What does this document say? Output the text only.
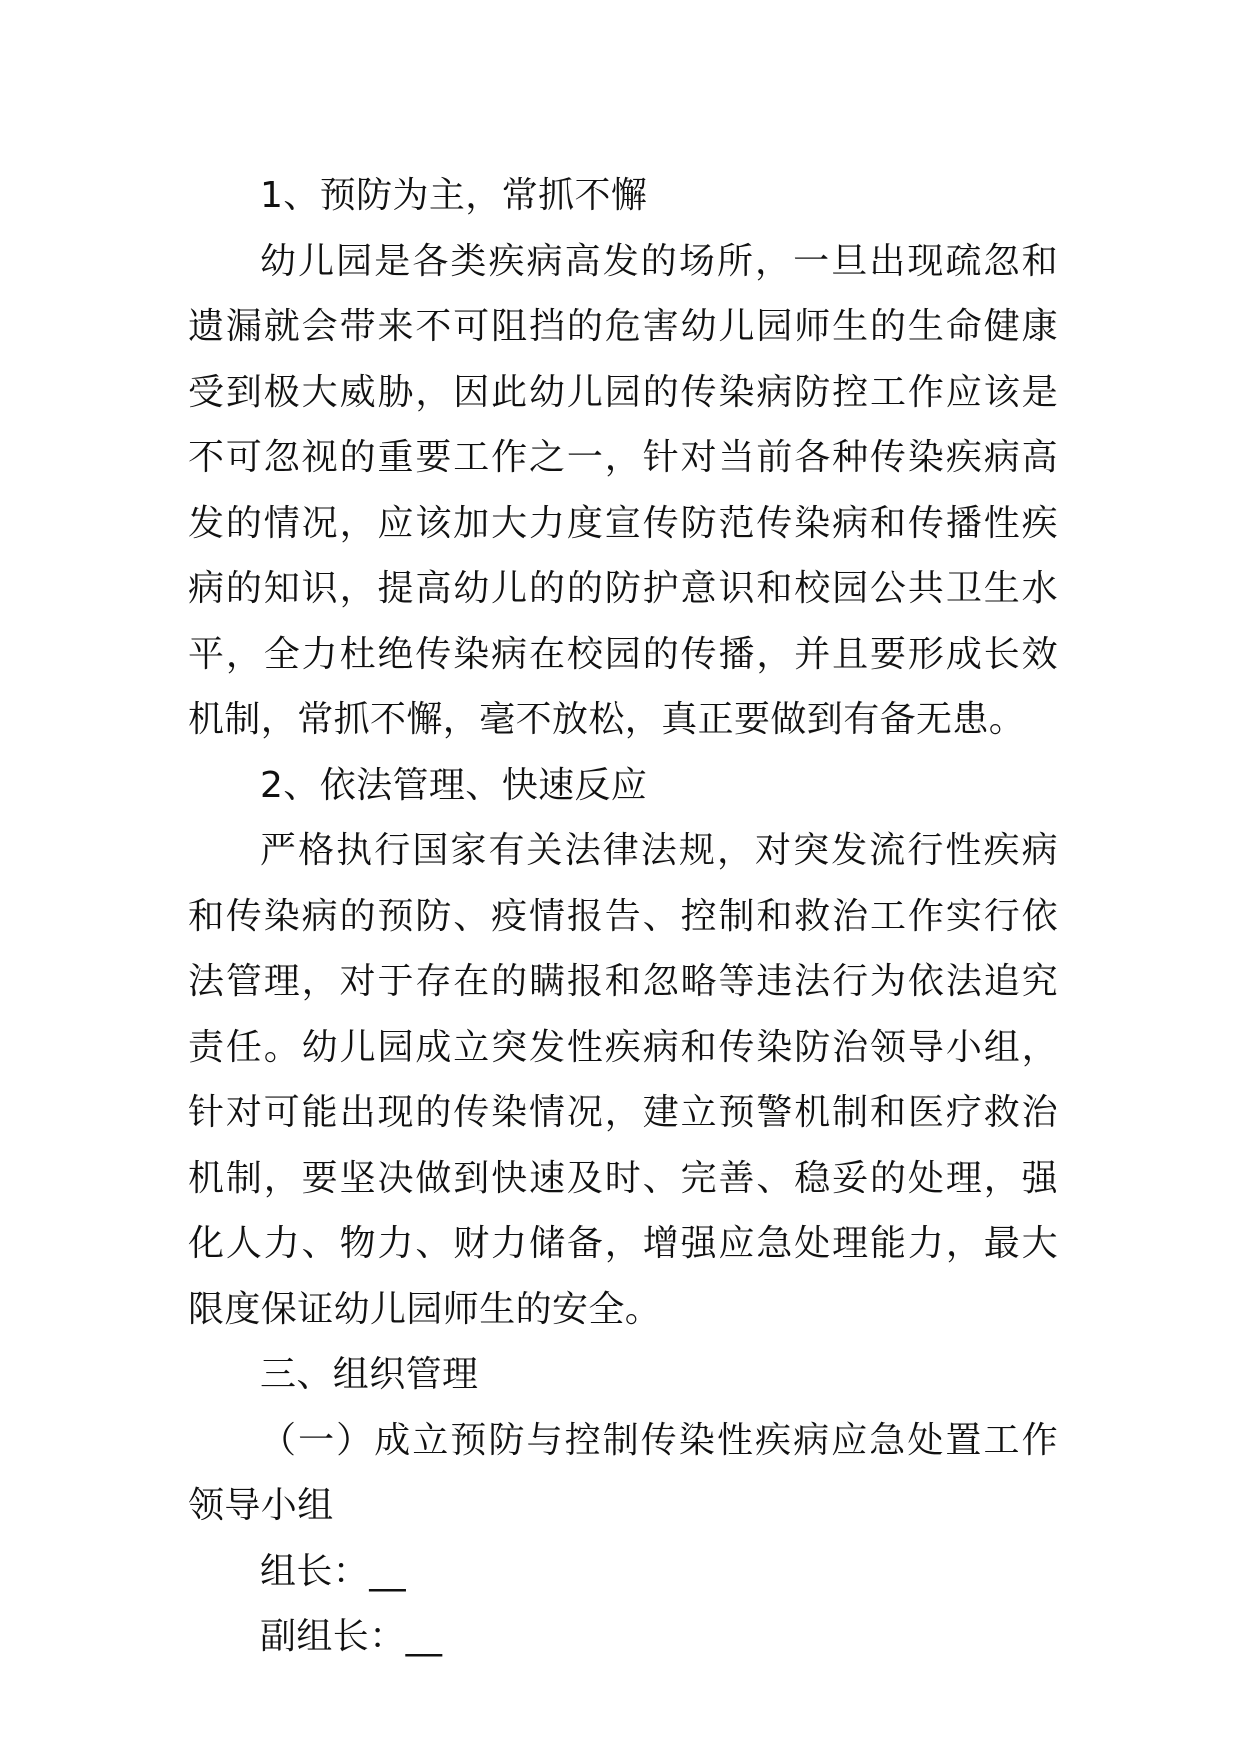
1、预防为主，常抓不懈

幼儿园是各类疾病高发的场所，一旦出现疏忽和遗漏就会带来不可阻挡的危害幼儿园师生的生命健康受到极大威胁，因此幼儿园的传染病防控工作应该是不可忽视的重要工作之一，针对当前各种传染疾病高发的情况，应该加大力度宣传防范传染病和传播性疾病的知识，提高幼儿的的防护意识和校园公共卫生水平，全力杜绝传染病在校园的传播，并且要形成长效机制，常抓不懈，毫不放松，真正要做到有备无患。

2、依法管理、快速反应

严格执行国家有关法律法规，对突发流行性疾病和传染病的预防、疫情报告、控制和救治工作实行依法管理，对于存在的瞒报和忽略等违法行为依法追究责任。幼儿园成立突发性疾病和传染防治领导小组，针对可能出现的传染情况，建立预警机制和医疗救治机制，要坚决做到快速及时、完善、稳妥的处理，强化人力、物力、财力储备，增强应急处理能力，最大限度保证幼儿园师生的安全。

三、组织管理

（一）成立预防与控制传染性疾病应急处置工作领导小组

组长：__

副组长：__
